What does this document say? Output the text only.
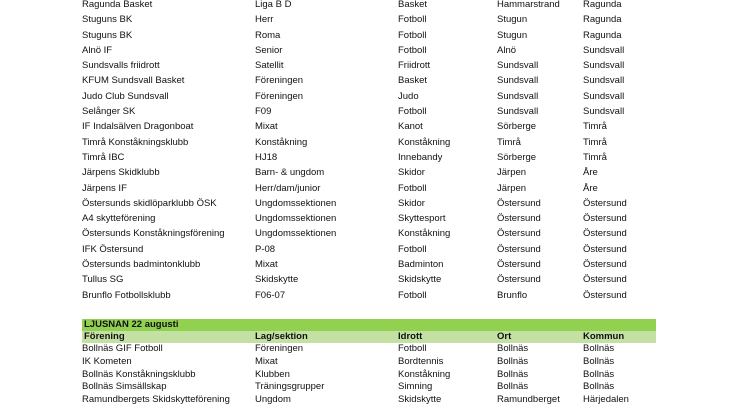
Ragunda Basket	Liga B D	Basket	Hammarstrand	Ragunda
Stuguns BK	Herr	Fotboll	Stugun	Ragunda
Stuguns BK	Roma	Fotboll	Stugun	Ragunda
Alnö IF	Senior	Fotboll	Alnö	Sundsvall
Sundsvalls friidrott	Satellit	Friidrott	Sundsvall	Sundsvall
KFUM Sundsvall Basket	Föreningen	Basket	Sundsvall	Sundsvall
Judo Club Sundsvall	Föreningen	Judo	Sundsvall	Sundsvall
Selånger SK	F09	Fotboll	Sundsvall	Sundsvall
IF Indalsälven Dragonboat	Mixat	Kanot	Sörberge	Timrå
Timrå Konståkningsklubb	Konståkning	Konståkning	Timrå	Timrå
Timrå IBC	HJ18	Innebandy	Sörberge	Timrå
Järpens Skidklubb	Barn- & ungdom	Skidor	Järpen	Åre
Järpens IF	Herr/dam/junior	Fotboll	Järpen	Åre
Östersunds skidlöparklubb ÖSK	Ungdomssektionen	Skidor	Östersund	Östersund
A4 skytteförening	Ungdomssektionen	Skyttesport	Östersund	Östersund
Östersunds Konståkningsförening	Ungdomssektionen	Konståkning	Östersund	Östersund
IFK Östersund	P-08	Fotboll	Östersund	Östersund
Östersunds badmintonklubb	Mixat	Badminton	Östersund	Östersund
Tullus SG	Skidskytte	Skidskytte	Östersund	Östersund
Brunflo Fotbollsklubb	F06-07	Fotboll	Brunflo	Östersund
LJUSNAN 22 augusti
Förening	Lag/sektion	Idrott	Ort	Kommun
Bollnäs GIF Fotboll	Föreningen	Fotboll	Bollnäs	Bollnäs
IK Kometen	Mixat	Bordtennis	Bollnäs	Bollnäs
Bollnäs Konståkningsklubb	Klubben	Konståkning	Bollnäs	Bollnäs
Bollnäs Simsällskap	Träningsgrupper	Simning	Bollnäs	Bollnäs
Ramundbergets Skidskytteförening	Ungdom	Skidskytte	Ramundberget	Härjedalen
